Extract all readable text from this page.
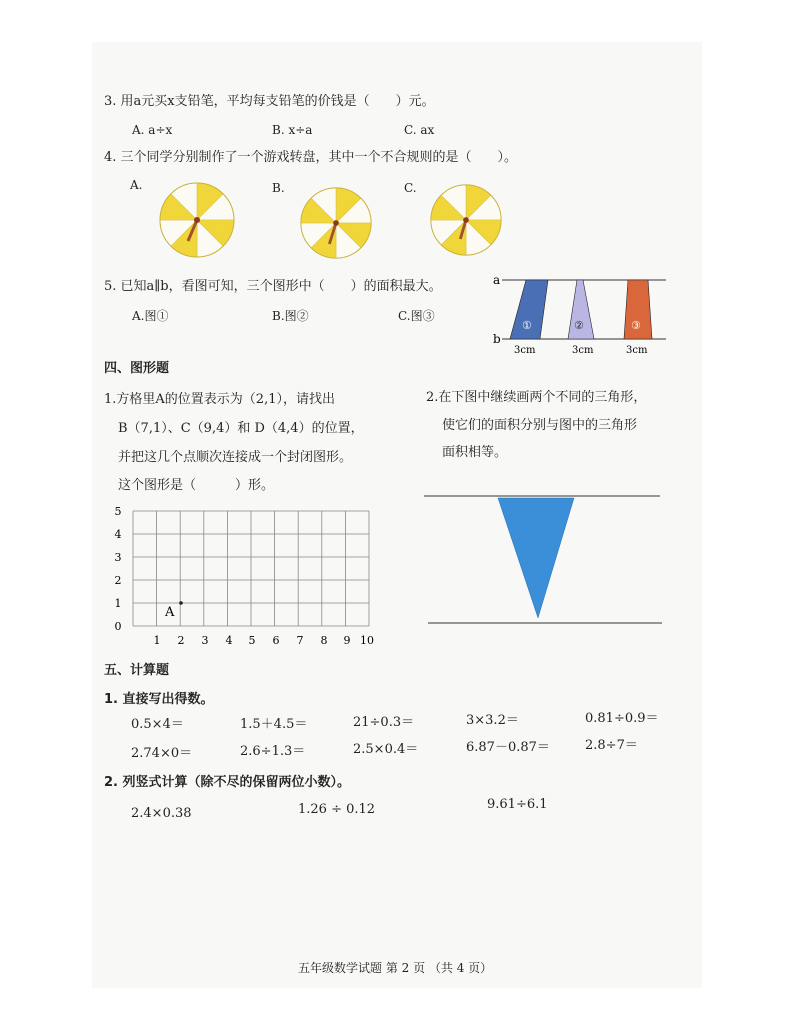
3. 用a元买x支铅笔，平均每支铅笔的价钱是（　　）元。
A. a÷x	B. x÷a	C. ax
4. 三个同学分别制作了一个游戏转盘，其中一个不合规则的是（　　）。
A.	B.	C.
5. 已知a∥b，看图可知，三个图形中（　　）的面积最大。
A.图①	B.图②	C.图③
a
b
①	②	③
3cm	3cm	3cm
四、图形题
1.方格里A的位置表示为（2,1），请找出
B（7,1）、C（9,4）和 D（4,4）的位置，
并把这几个点顺次连接成一个封闭图形。
这个图形是（　　　）形。
2.在下图中继续画两个不同的三角形，
使它们的面积分别与图中的三角形
面积相等。
5
4
3
2
1
0
1 2 3 4 5 6 7 8 9 10
A
五、计算题
1. 直接写出得数。
0.5×4＝	1.5＋4.5＝	21÷0.3＝	3×3.2＝	0.81÷0.9＝
2.74×0＝	2.6÷1.3＝	2.5×0.4＝	6.87－0.87＝	2.8÷7＝
2. 列竖式计算（除不尽的保留两位小数）。
2.4×0.38	1.26 ÷ 0.12	9.61÷6.1
五年级数学试题 第 2 页 （共 4 页）
